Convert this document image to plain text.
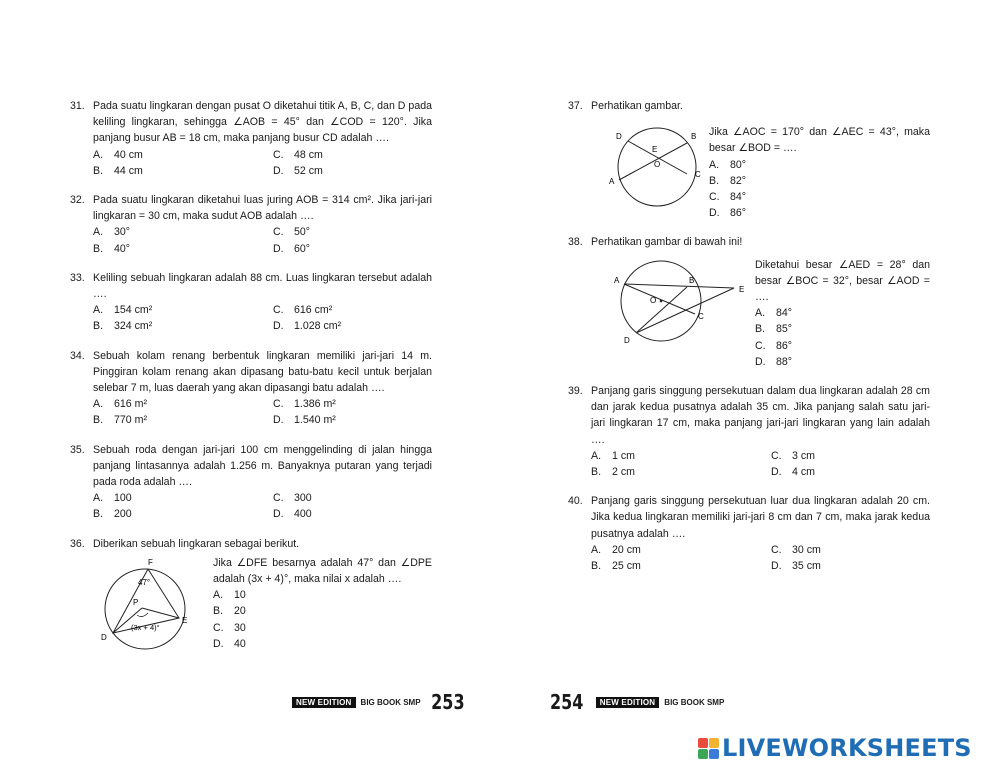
31. Pada suatu lingkaran dengan pusat O diketahui titik A, B, C, dan D pada keliling lingkaran, sehingga ∠AOB = 45° dan ∠COD = 120°. Jika panjang busur AB = 18 cm, maka panjang busur CD adalah ….
A.	40 cm	C. 48 cm
B.	44 cm	D. 52 cm
32. Pada suatu lingkaran diketahui luas juring AOB = 314 cm². Jika jari-jari lingkaran = 30 cm, maka sudut AOB adalah ….
A.	30°	C. 50°
B.	40°	D. 60°
33. Keliling sebuah lingkaran adalah 88 cm. Luas lingkaran tersebut adalah ….
A.	154 cm²	C. 616 cm²
B.	324 cm²	D. 1.028 cm²
34. Sebuah kolam renang berbentuk lingkaran memiliki jari-jari 14 m. Pinggiran kolam renang akan dipasang batu-batu kecil untuk berjalan selebar 7 m, luas daerah yang akan dipasangi batu adalah ….
A.	616 m²	C. 1.386 m²
B.	770 m²	D. 1.540 m²
35. Sebuah roda dengan jari-jari 100 cm menggelinding di jalan hingga panjang lintasannya adalah 1.256 m. Banyaknya putaran yang terjadi pada roda adalah ….
A.	100	C. 300
B.	200	D. 400
36. Diberikan sebuah lingkaran sebagai berikut.
F
47°
P
E
D
(3x + 4)°
Jika ∠DFE besarnya adalah 47° dan ∠DPE adalah (3x + 4)°, maka nilai x adalah ….
A.	10
B.	20
C. 30
D. 40
37. Perhatikan gambar.
D	B
E
O
A
C
Jika ∠AOC = 170° dan ∠AEC = 43°, maka besar ∠BOD = ….
A.	80°
B.	82°
C. 84°
D. 86°
38. Perhatikan gambar di bawah ini!
A	B
E
O
C
D
Diketahui besar ∠AED = 28° dan besar ∠BOC = 32°, besar ∠AOD = ….
A.	84°
B.	85°
C. 86°
D. 88°
39. Panjang garis singgung persekutuan dalam dua lingkaran adalah 28 cm dan jarak kedua pusatnya adalah 35 cm. Jika panjang salah satu jari-jari lingkaran 17 cm, maka panjang jari-jari lingkaran yang lain adalah ….
A.	1 cm	C. 3 cm
B.	2 cm	D. 4 cm
40. Panjang garis singgung persekutuan luar dua lingkaran adalah 20 cm. Jika kedua lingkaran memiliki jari-jari 8 cm dan 7 cm, maka jarak kedua pusatnya adalah ….
A.	20 cm	C. 30 cm
B.	25 cm	D. 35 cm
NEW EDITION	BIG BOOK SMP 253	254	NEW EDITION	BIG BOOK SMP
LIVEWORKSHEETS
